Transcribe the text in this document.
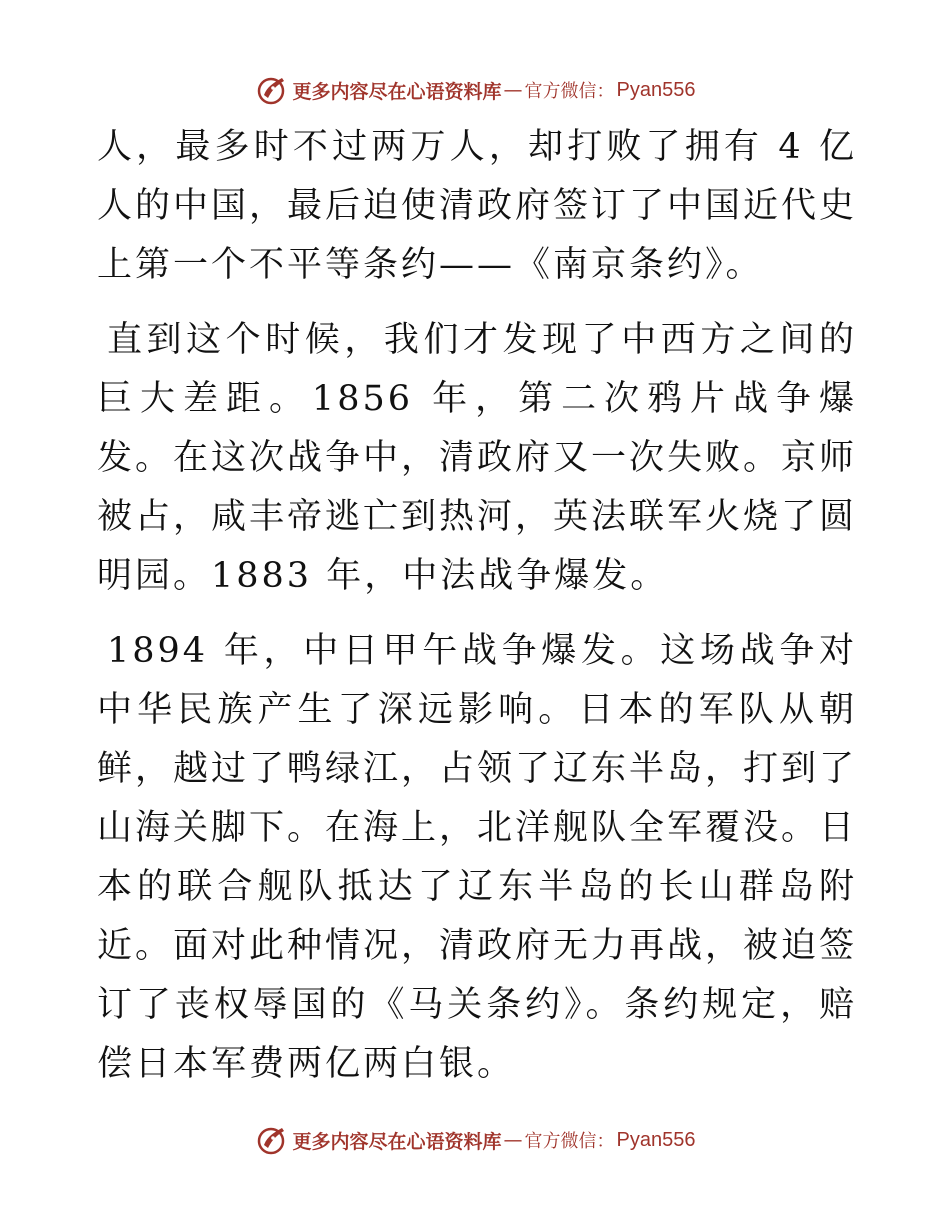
更多内容尽在心语资料库 — 官方微信： Pyan556

人，最多时不过两万人，却打败了拥有 4 亿人的中国，最后迫使清政府签订了中国近代史上第一个不平等条约——《南京条约》。

直到这个时候，我们才发现了中西方之间的巨大差距。1856 年，第二次鸦片战争爆发。在这次战争中，清政府又一次失败。京师被占，咸丰帝逃亡到热河，英法联军火烧了圆明园。1883 年，中法战争爆发。

1894 年，中日甲午战争爆发。这场战争对中华民族产生了深远影响。日本的军队从朝鲜，越过了鸭绿江，占领了辽东半岛，打到了山海关脚下。在海上，北洋舰队全军覆没。日本的联合舰队抵达了辽东半岛的长山群岛附近。面对此种情况，清政府无力再战，被迫签订了丧权辱国的《马关条约》。条约规定，赔偿日本军费两亿两白银。

更多内容尽在心语资料库 — 官方微信： Pyan556
